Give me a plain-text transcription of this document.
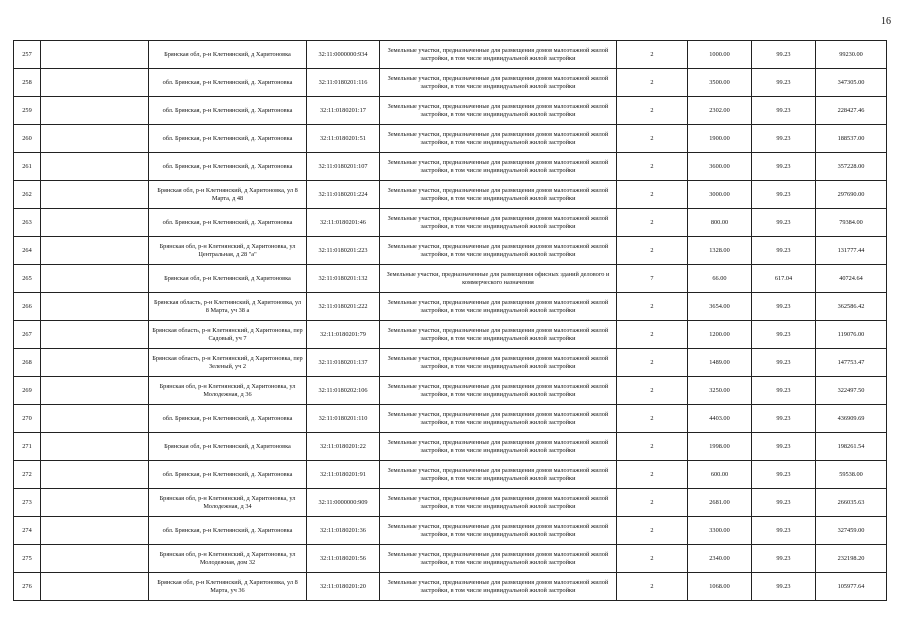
16
257		Брянская обл, р-н Клетнянский, д Харитоновка	32:11:0000000:934	Земельные участки, предназначенные для размещения домов малоэтажной жилой застройки, в том числе индивидуальной жилой застройки	2	1000.00	99.23	99230.00
258		обл. Брянская, р-н Клетнянский, д. Харитоновка	32:11:0180201:116	Земельные участки, предназначенные для размещения домов малоэтажной жилой застройки, в том числе индивидуальной жилой застройки	2	3500.00	99.23	347305.00
259		обл. Брянская, р-н Клетнянский, д. Харитоновка	32:11:0180201:17	Земельные участки, предназначенные для размещения домов малоэтажной жилой застройки, в том числе индивидуальной жилой застройки	2	2302.00	99.23	228427.46
260		обл. Брянская, р-н Клетнянский, д. Харитоновка	32:11:0180201:51	Земельные участки, предназначенные для размещения домов малоэтажной жилой застройки, в том числе индивидуальной жилой застройки	2	1900.00	99.23	188537.00
261		обл. Брянская, р-н Клетнянский, д. Харитоновка	32:11:0180201:107	Земельные участки, предназначенные для размещения домов малоэтажной жилой застройки, в том числе индивидуальной жилой застройки	2	3600.00	99.23	357228.00
262		Брянская обл, р-н Клетнянский, д Харитоновка, ул 8 Марта, д 48	32:11:0180201:224	Земельные участки, предназначенные для размещения домов малоэтажной жилой застройки, в том числе индивидуальной жилой застройки	2	3000.00	99.23	297690.00
263		обл. Брянская, р-н Клетнянский, д. Харитоновка	32:11:0180201:46	Земельные участки, предназначенные для размещения домов малоэтажной жилой застройки, в том числе индивидуальной жилой застройки	2	800.00	99.23	79384.00
264		Брянская обл, р-н Клетнянский, д Харитоновка, ул Центральная, д 28 "а"	32:11:0180201:223	Земельные участки, предназначенные для размещения домов малоэтажной жилой застройки, в том числе индивидуальной жилой застройки	2	1328.00	99.23	131777.44
265		Брянская обл, р-н Клетнянский, д Харитоновка	32:11:0180201:132	Земельные участки, предназначенные для размещения офисных зданий делового и коммерческого назначения	7	66.00	617.04	40724.64
266		Брянская область, р-н Клетнянский, д Харитоновка, ул 8 Марта, уч 38 а	32:11:0180201:222	Земельные участки, предназначенные для размещения домов малоэтажной жилой застройки, в том числе индивидуальной жилой застройки	2	3654.00	99.23	362586.42
267		Брянская область, р-н Клетнянский, д Харитоновка, пер Садовый, уч 7	32:11:0180201:79	Земельные участки, предназначенные для размещения домов малоэтажной жилой застройки, в том числе индивидуальной жилой застройки	2	1200.00	99.23	119076.00
268		Брянская область, р-н Клетнянский, д Харитоновка, пер Зеленый, уч 2	32:11:0180201:137	Земельные участки, предназначенные для размещения домов малоэтажной жилой застройки, в том числе индивидуальной жилой застройки	2	1489.00	99.23	147753.47
269		Брянская обл, р-н Клетнянский, д Харитоновка, ул Молодежная, д 36	32:11:0180202:106	Земельные участки, предназначенные для размещения домов малоэтажной жилой застройки, в том числе индивидуальной жилой застройки	2	3250.00	99.23	322497.50
270		обл. Брянская, р-н Клетнянский, д. Харитоновка	32:11:0180201:110	Земельные участки, предназначенные для размещения домов малоэтажной жилой застройки, в том числе индивидуальной жилой застройки	2	4403.00	99.23	436909.69
271		Брянская обл, р-н Клетнянский, д Харитоновка	32:11:0180201:22	Земельные участки, предназначенные для размещения домов малоэтажной жилой застройки, в том числе индивидуальной жилой застройки	2	1998.00	99.23	198261.54
272		обл. Брянская, р-н Клетнянский, д. Харитоновка	32:11:0180201:91	Земельные участки, предназначенные для размещения домов малоэтажной жилой застройки, в том числе индивидуальной жилой застройки	2	600.00	99.23	59538.00
273		Брянская обл, р-н Клетнянский, д Харитоновка, ул Молодежная, д 34	32:11:0000000:909	Земельные участки, предназначенные для размещения домов малоэтажной жилой застройки, в том числе индивидуальной жилой застройки	2	2681.00	99.23	266035.63
274		обл. Брянская, р-н Клетнянский, д. Харитоновка	32:11:0180201:36	Земельные участки, предназначенные для размещения домов малоэтажной жилой застройки, в том числе индивидуальной жилой застройки	2	3300.00	99.23	327459.00
275		Брянская обл, р-н Клетнянский, д Харитоновка, ул Молодежная, дом 32	32:11:0180201:56	Земельные участки, предназначенные для размещения домов малоэтажной жилой застройки, в том числе индивидуальной жилой застройки	2	2340.00	99.23	232198.20
276		Брянская обл, р-н Клетнянский, д Харитоновка, ул 8 Марта, уч 36	32:11:0180201:20	Земельные участки, предназначенные для размещения домов малоэтажной жилой застройки, в том числе индивидуальной жилой застройки	2	1068.00	99.23	105977.64
